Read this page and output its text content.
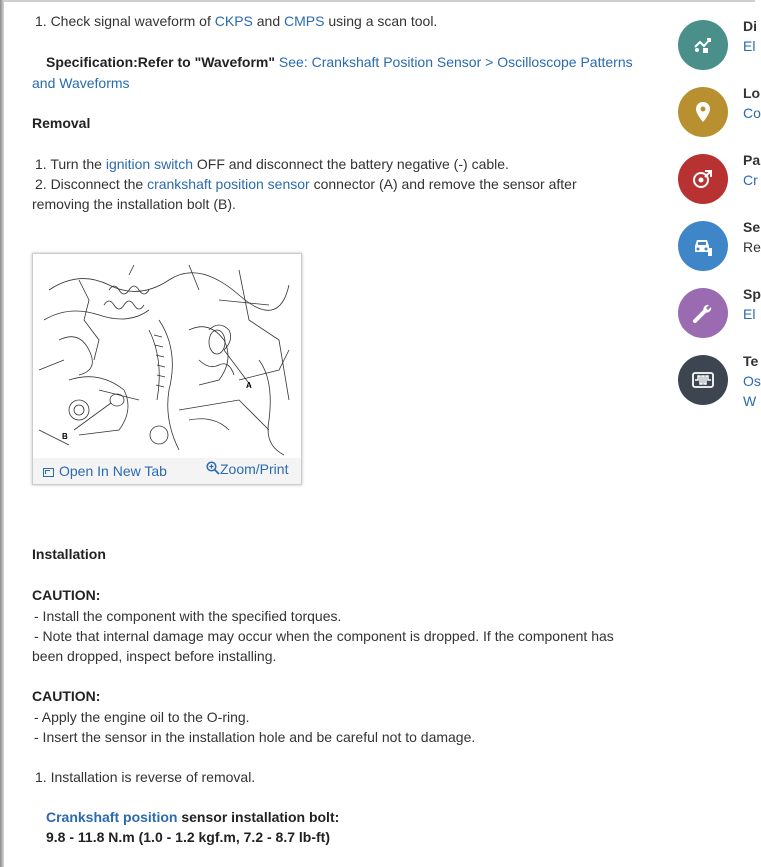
1. Check signal waveform of CKPS and CMPS using a scan tool.
Specification:Refer to "Waveform" See: Crankshaft Position Sensor > Oscilloscope Patterns
and Waveforms
Removal
1. Turn the ignition switch OFF and disconnect the battery negative (-) cable.
2. Disconnect the crankshaft position sensor connector (A) and remove the sensor after
removing the installation bolt (B).
Installation
CAUTION:
- Install the component with the specified torques.
- Note that internal damage may occur when the component is dropped. If the component has
been dropped, inspect before installing.
CAUTION:
- Apply the engine oil to the O-ring.
- Insert the sensor in the installation hole and be careful not to damage.
1. Installation is reverse of removal.
Crankshaft position sensor installation bolt:
9.8 - 11.8 N.m (1.0 - 1.2 kgf.m, 7.2 - 8.7 lb-ft)
A
B
Open In New Tab	Zoom/Print
Di
El
Lo
Co
Pa
Cr
Se
Re
Sp
El
Te
Os
W
